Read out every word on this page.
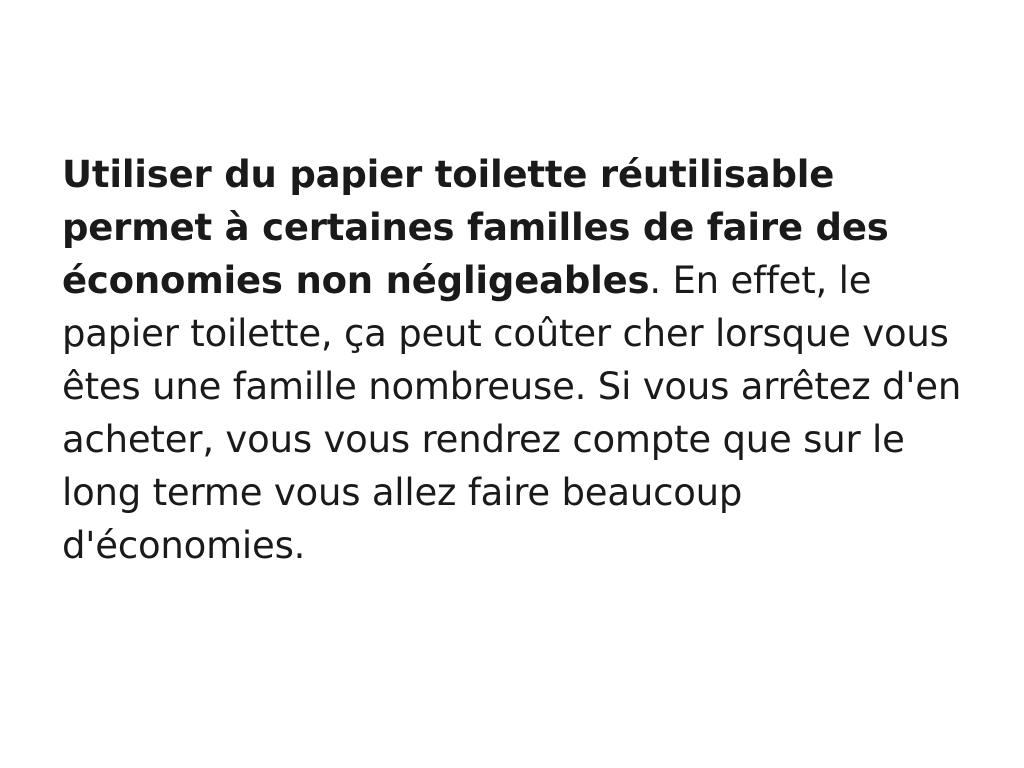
Utiliser du papier toilette réutilisable permet à certaines familles de faire des économies non négligeables. En effet, le papier toilette, ça peut coûter cher lorsque vous êtes une famille nombreuse. Si vous arrêtez d'en acheter, vous vous rendrez compte que sur le long terme vous allez faire beaucoup d'économies.
